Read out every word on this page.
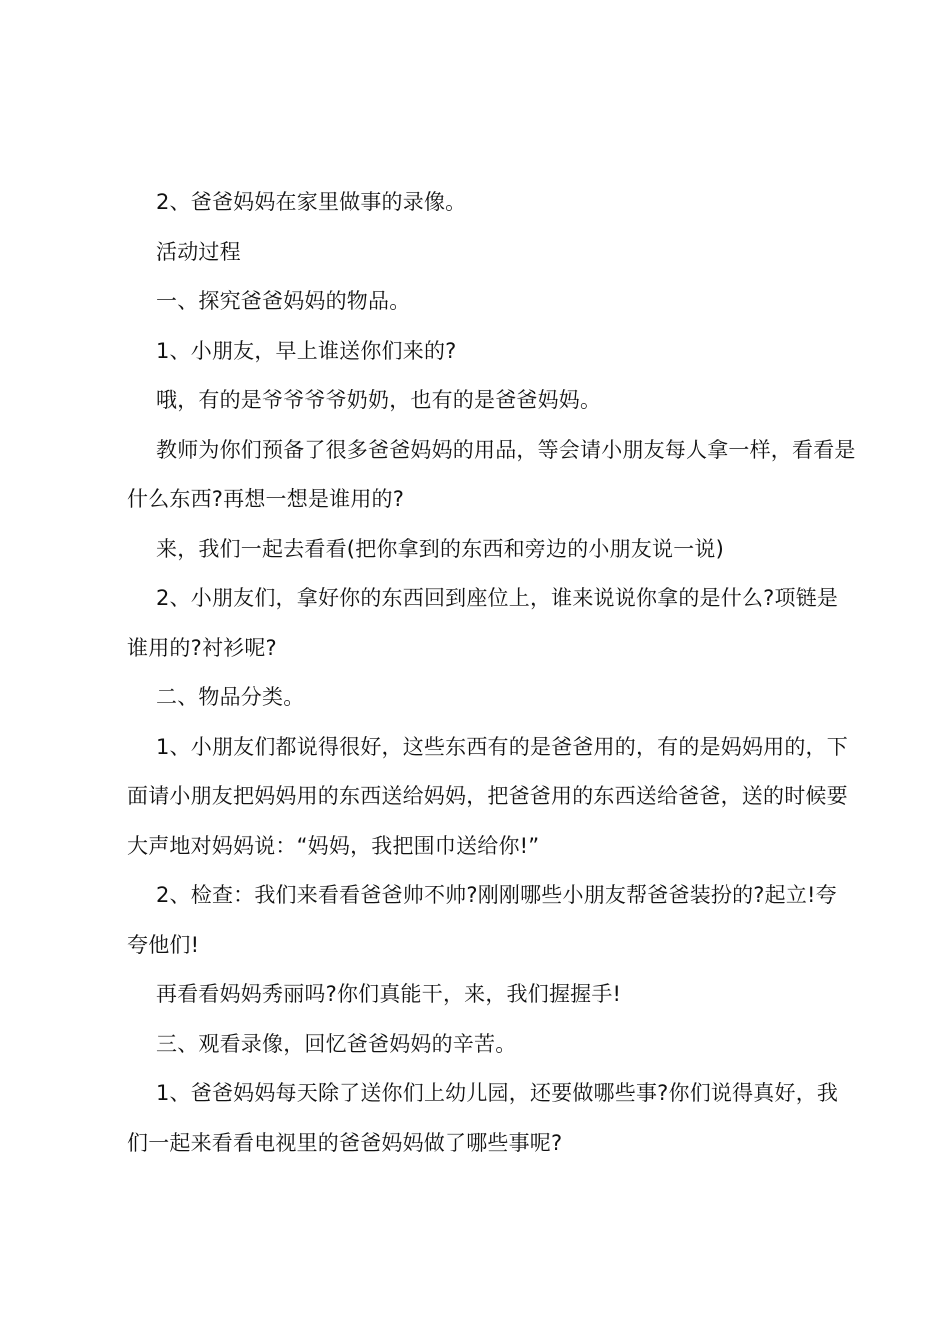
2、爸爸妈妈在家里做事的录像。

活动过程

一、探究爸爸妈妈的物品。

1、小朋友，早上谁送你们来的?

哦，有的是爷爷爷爷奶奶，也有的是爸爸妈妈。

教师为你们预备了很多爸爸妈妈的用品，等会请小朋友每人拿一样，看看是什么东西?再想一想是谁用的?

来，我们一起去看看(把你拿到的东西和旁边的小朋友说一说)

2、小朋友们，拿好你的东西回到座位上，谁来说说你拿的是什么?项链是谁用的?衬衫呢?

二、物品分类。

1、小朋友们都说得很好，这些东西有的是爸爸用的，有的是妈妈用的，下面请小朋友把妈妈用的东西送给妈妈，把爸爸用的东西送给爸爸，送的时候要大声地对妈妈说：“妈妈，我把围巾送给你!”

2、检查：我们来看看爸爸帅不帅?刚刚哪些小朋友帮爸爸装扮的?起立!夸夸他们!

再看看妈妈秀丽吗?你们真能干，来，我们握握手!

三、观看录像，回忆爸爸妈妈的辛苦。

1、爸爸妈妈每天除了送你们上幼儿园，还要做哪些事?你们说得真好，我们一起来看看电视里的爸爸妈妈做了哪些事呢?
